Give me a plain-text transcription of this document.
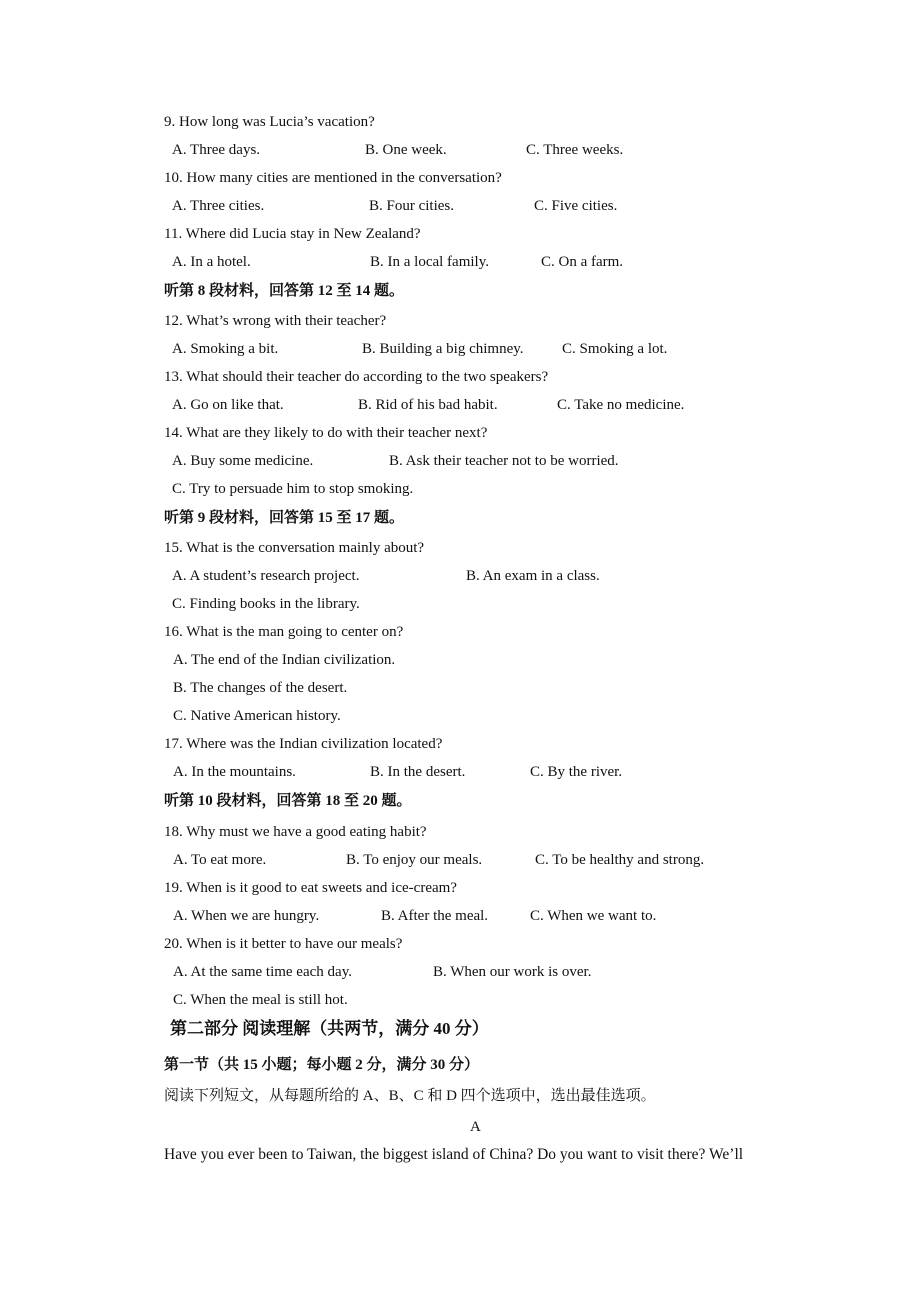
9. How long was Lucia’s vacation?
A. Three days.	B. One week.	C. Three weeks.
10. How many cities are mentioned in the conversation?
A. Three cities.	B. Four cities.	C. Five cities.
11. Where did Lucia stay in New Zealand?
A. In a hotel.	B. In a local family.	C. On a farm.
听第 8 段材料，回答第 12 至 14 题。
12. What’s wrong with their teacher?
A. Smoking a bit.	B. Building a big chimney.	C. Smoking a lot.
13. What should their teacher do according to the two speakers?
A. Go on like that.	B. Rid of his bad habit.	C. Take no medicine.
14. What are they likely to do with their teacher next?
A. Buy some medicine.	B. Ask their teacher not to be worried.
C. Try to persuade him to stop smoking.
听第 9 段材料，回答第 15 至 17 题。
15. What is the conversation mainly about?
A. A student’s research project.	B. An exam in a class.
C. Finding books in the library.
16. What is the man going to center on?
A. The end of the Indian civilization.
B. The changes of the desert.
C. Native American history.
17. Where was the Indian civilization located?
A. In the mountains.	B. In the desert.	C. By the river.
听第 10 段材料，回答第 18 至 20 题。
18. Why must we have a good eating habit?
A. To eat more.	B. To enjoy our meals.	C. To be healthy and strong.
19. When is it good to eat sweets and ice-cream?
A. When we are hungry.	B. After the meal.	C. When we want to.
20. When is it better to have our meals?
A. At the same time each day.	B. When our work is over.
C. When the meal is still hot.
第二部分 阅读理解（共两节，满分 40 分）
第一节（共 15 小题；每小题 2 分，满分 30 分）
阅读下列短文，从每题所给的 A、B、C 和 D 四个选项中，选出最佳选项。
A
Have you ever been to Taiwan, the biggest island of China? Do you want to visit there? We’ll
